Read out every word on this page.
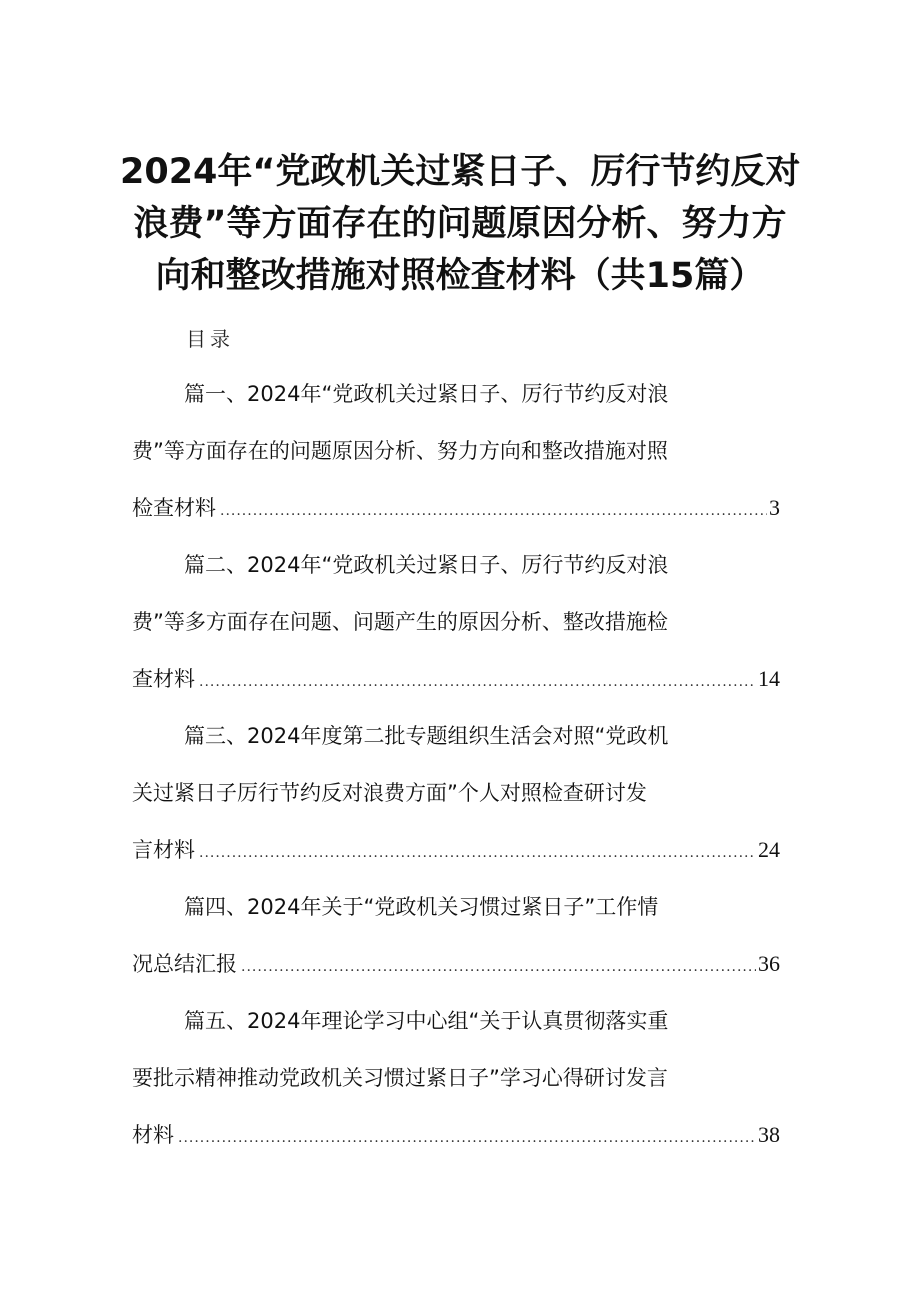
2024年“党政机关过紧日子、厉行节约反对
浪费”等方面存在的问题原因分析、努力方
向和整改措施对照检查材料（共15篇）
目录
篇一、2024年“党政机关过紧日子、厉行节约反对浪
费”等方面存在的问题原因分析、努力方向和整改措施对照
检查材料 .....	3
篇二、2024年“党政机关过紧日子、厉行节约反对浪
费”等多方面存在问题、问题产生的原因分析、整改措施检
查材料 .....	14
篇三、2024年度第二批专题组织生活会对照“党政机
关过紧日子厉行节约反对浪费方面”个人对照检查研讨发
言材料 .....	24
篇四、2024年关于“党政机关习惯过紧日子”工作情
况总结汇报 .....	36
篇五、2024年理论学习中心组“关于认真贯彻落实重
要批示精神推动党政机关习惯过紧日子”学习心得研讨发言
材料 .....	38
